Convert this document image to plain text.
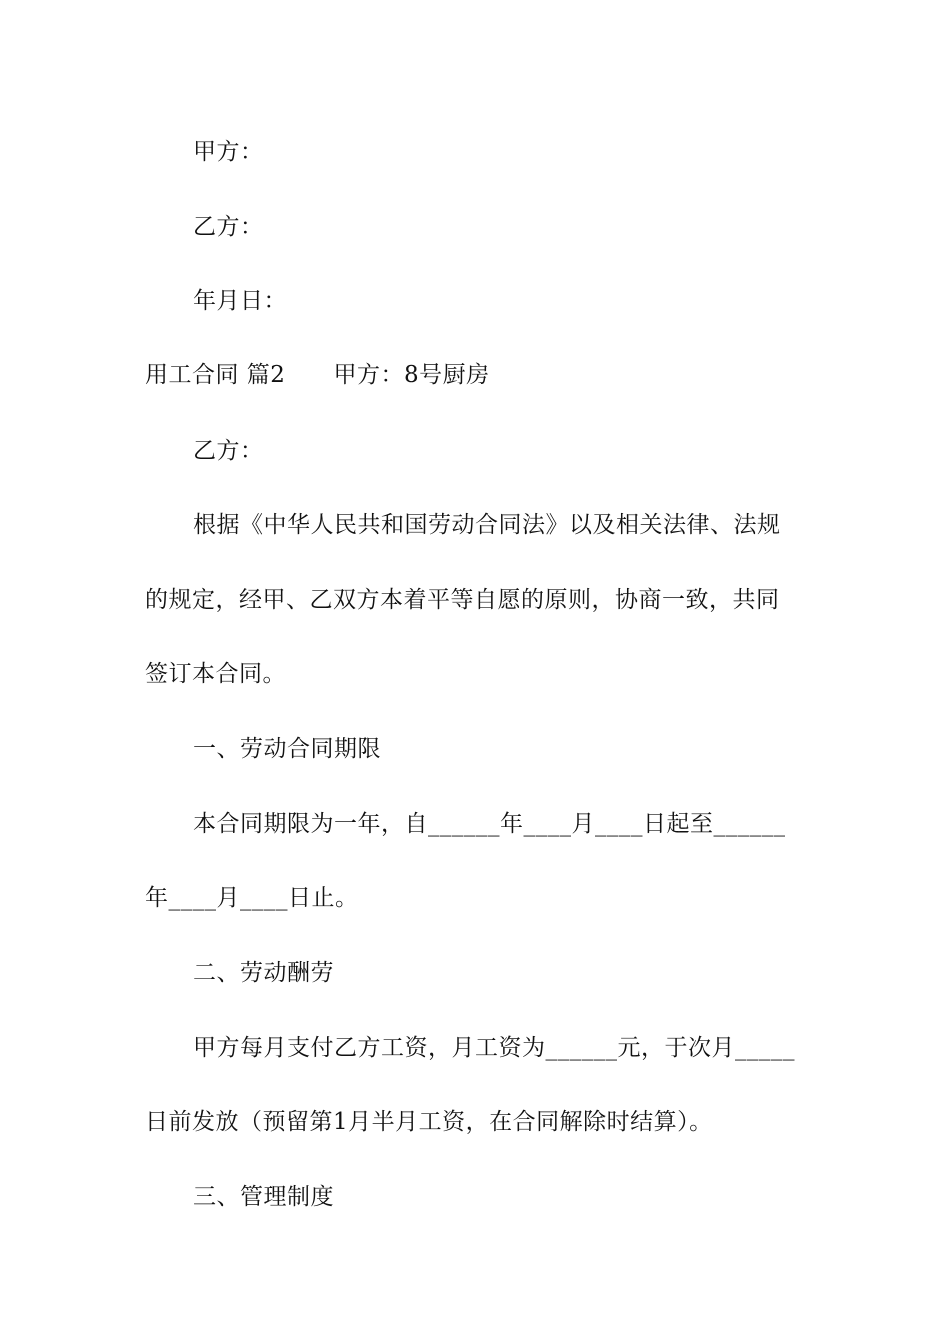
甲方：
乙方：
年月日：
用工合同 篇2 甲方：8号厨房
乙方：
根据《中华人民共和国劳动合同法》以及相关法律、法规
的规定，经甲、乙双方本着平等自愿的原则，协商一致，共同
签订本合同。
一、劳动合同期限
本合同期限为一年，自______年____月____日起至______
年____月____日止。
二、劳动酬劳
甲方每月支付乙方工资，月工资为______元，于次月_____
日前发放（预留第1月半月工资，在合同解除时结算）。
三、管理制度
